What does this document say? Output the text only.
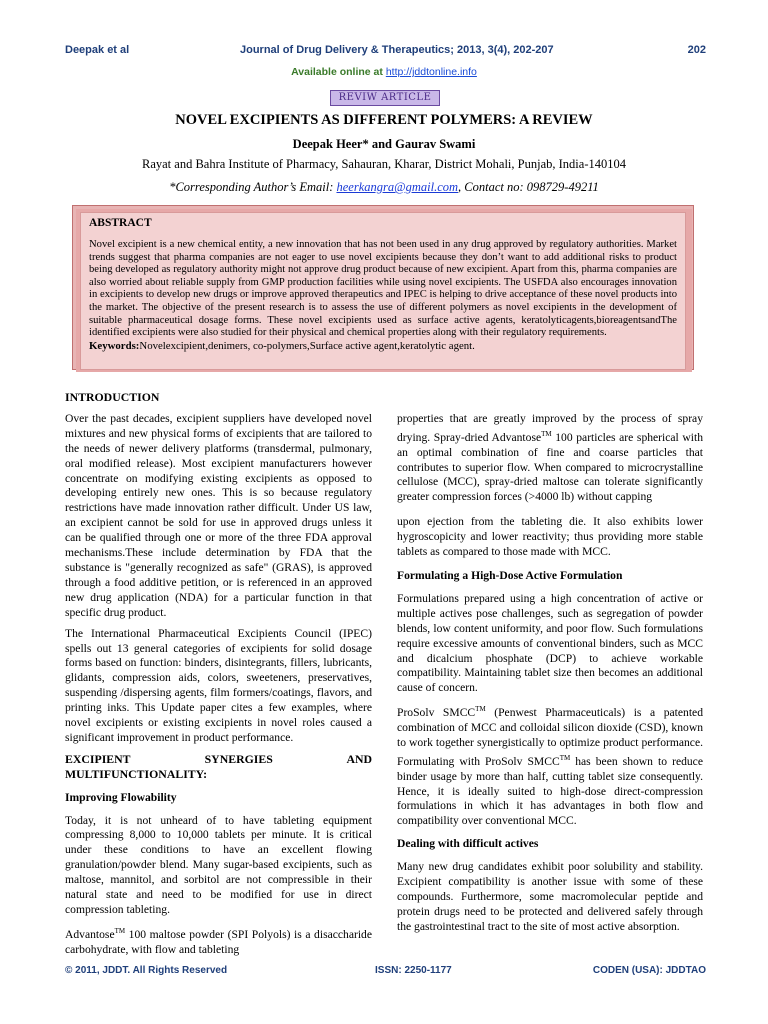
Deepak et al	Journal of Drug Delivery & Therapeutics; 2013, 3(4), 202-207	202
Available online at http://jddtonline.info
REVIW ARTICLE
NOVEL EXCIPIENTS AS DIFFERENT POLYMERS: A REVIEW
Deepak Heer* and Gaurav Swami
Rayat and Bahra Institute of Pharmacy, Sahauran, Kharar, District Mohali, Punjab, India-140104
*Corresponding Author’s Email: heerkangra@gmail.com, Contact no: 098729-49211
ABSTRACT
Novel excipient is a new chemical entity, a new innovation that has not been used in any drug approved by regulatory authorities. Market trends suggest that pharma companies are not eager to use novel excipients because they don’t want to add additional risks to product being developed as regulatory authority might not approve drug product because of new excipient. Apart from this, pharma companies are also worried about reliable supply from GMP production facilities while using novel excipients. The USFDA also encourages innovation in excipients to develop new drugs or improve approved therapeutics and IPEC is helping to drive acceptance of these novel products into the market. The objective of the present research is to assess the use of different polymers as novel excipients in the development of suitable pharmaceutical dosage forms. These novel excipients used as surface active agents, keratolyticagents,bioreagentsandThe identified excipients were also studied for their physical and chemical properties along with their regulatory requirements.
Keywords:Novelexcipient,denimers, co-polymers,Surface active agent,keratolytic agent.
INTRODUCTION

Over the past decades, excipient suppliers have developed novel mixtures and new physical forms of excipients that are tailored to the needs of newer delivery platforms (transdermal, pulmonary, oral modified release). Most excipient manufacturers however concentrate on modifying existing excipients as opposed to developing entirely new ones. This is so because regulatory restrictions have made innovation rather difficult. Under US law, an excipient cannot be sold for use in approved drugs unless it can be qualified through one or more of the three FDA approval mechanisms.These include determination by FDA that the substance is "generally recognized as safe" (GRAS), is approved through a food additive petition, or is referenced in an approved new drug application (NDA) for a particular function in that specific drug product.

The International Pharmaceutical Excipients Council (IPEC) spells out 13 general categories of excipients for solid dosage forms based on function: binders, disintegrants, fillers, lubricants, glidants, compression aids, colors, sweeteners, preservatives, suspending /dispersing agents, film formers/coatings, flavors, and printing inks. This Update paper cites a few examples, where novel excipients or existing excipients in novel roles caused a significant improvement in product performance.

EXCIPIENT SYNERGIES AND
MULTIFUNCTIONALITY:
Improving Flowability

Today, it is not unheard of to have tableting equipment compressing 8,000 to 10,000 tablets per minute. It is critical under these conditions to have an excellent flowing granulation/powder blend. Many sugar-based excipients, such as maltose, mannitol, and sorbitol are not compressible in their natural state and need to be modified for use in direct compression tableting.

Advantose™ 100 maltose powder (SPI Polyols) is a disaccharide carbohydrate, with flow and tableting

properties that are greatly improved by the process of spray drying. Spray-dried Advantose™ 100 particles are spherical with an optimal combination of fine and coarse particles that contributes to superior flow. When compared to microcrystalline cellulose (MCC), spray-dried maltose can tolerate significantly greater compression forces (>4000 lb) without capping

upon ejection from the tableting die. It also exhibits lower hygroscopicity and lower reactivity; thus providing more stable tablets as compared to those made with MCC.

Formulating a High-Dose Active Formulation

Formulations prepared using a high concentration of active or multiple actives pose challenges, such as segregation of powder blends, low content uniformity, and poor flow. Such formulations require excessive amounts of conventional binders, such as MCC and dicalcium phosphate (DCP) to achieve workable compatibility. Maintaining tablet size then becomes an additional cause of concern.

ProSolv SMCC™ (Penwest Pharmaceuticals) is a patented combination of MCC and colloidal silicon dioxide (CSD), known to work together synergistically to optimize product performance. Formulating with ProSolv SMCC™ has been shown to reduce binder usage by more than half, cutting tablet size consequently. Hence, it is ideally suited to high-dose direct-compression formulations in which it has advantages in both flow and compatibility over conventional MCC.

Dealing with difficult actives

Many new drug candidates exhibit poor solubility and stability. Excipient compatibility is another issue with some of these compounds. Furthermore, some macromolecular peptide and protein drugs need to be protected and delivered safely through the gastrointestinal tract to the site of most active absorption.

© 2011, JDDT. All Rights Reserved	ISSN: 2250-1177	CODEN (USA): JDDTAO
